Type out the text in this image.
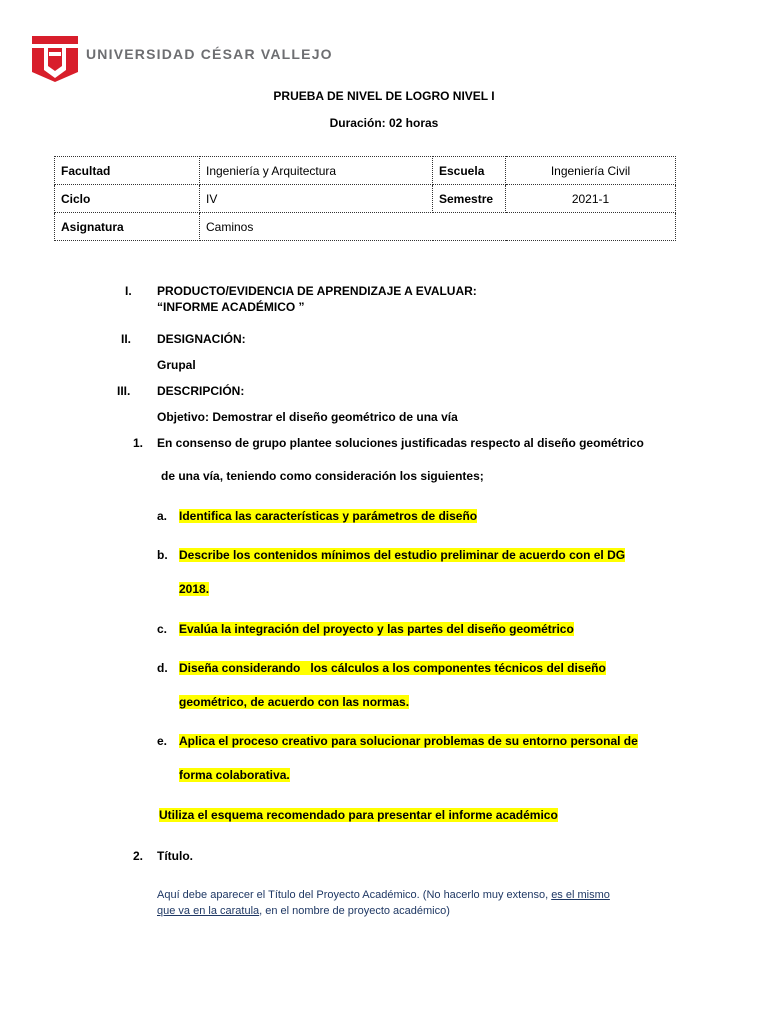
UNIVERSIDAD CÉSAR VALLEJO
PRUEBA DE NIVEL DE LOGRO NIVEL I
Duración: 02 horas
Facultad	Ingeniería y Arquitectura	Escuela	Ingeniería Civil
Ciclo	IV	Semestre	2021-1
Asignatura	Caminos		
I. PRODUCTO/EVIDENCIA DE APRENDIZAJE A EVALUAR:
“INFORME ACADÉMICO ”
II. DESIGNACIÓN:
Grupal
III. DESCRIPCIÓN:
Objetivo: Demostrar el diseño geométrico de una vía
1. En consenso de grupo plantee soluciones justificadas respecto al diseño geométrico
de una vía, teniendo como consideración los siguientes;
a. Identifica las características y parámetros de diseño
b. Describe los contenidos mínimos del estudio preliminar de acuerdo con el DG
2018.
c. Evalúa la integración del proyecto y las partes del diseño geométrico
d. Diseña considerando   los cálculos a los componentes técnicos del diseño
geométrico, de acuerdo con las normas.
e. Aplica el proceso creativo para solucionar problemas de su entorno personal de
forma colaborativa.
Utiliza el esquema recomendado para presentar el informe académico
2. Título.
Aquí debe aparecer el Título del Proyecto Académico. (No hacerlo muy extenso, es el mismo
que va en la caratula, en el nombre de proyecto académico)
